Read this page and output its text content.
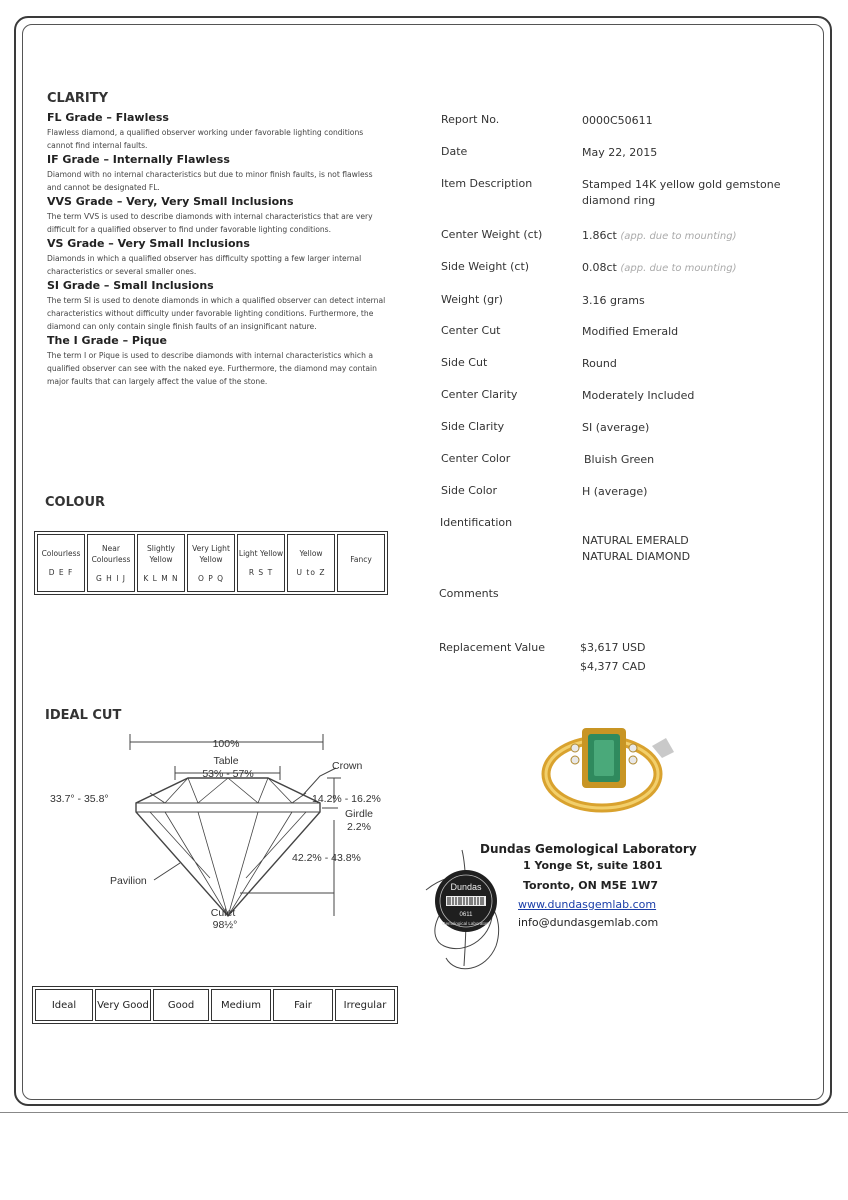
CLARITY
FL Grade – Flawless
Flawless diamond, a qualified observer working under favorable lighting conditions
cannot find internal faults.
IF Grade – Internally Flawless
Diamond with no internal characteristics but due to minor finish faults, is not flawless
and cannot be designated FL.
VVS Grade – Very, Very Small Inclusions
The term VVS is used to describe diamonds with internal characteristics that are very
difficult for a qualified observer to find under favorable lighting conditions.
VS Grade – Very Small Inclusions
Diamonds in which a qualified observer has difficulty spotting a few larger internal
characteristics or several smaller ones.
SI Grade – Small Inclusions
The term SI is used to denote diamonds in which a qualified observer can detect internal
characteristics without difficulty under favorable lighting conditions. Furthermore, the
diamond can only contain single finish faults of an insignificant nature.
The I Grade – Pique
The term I or Pique is used to describe diamonds with internal characteristics which a
qualified observer can see with the naked eye. Furthermore, the diamond may contain
major faults that can largely affect the value of the stone.
COLOUR
Colourless
D E F

Near Colourless
G H I J

Slightly Yellow
K L M N

Very Light Yellow
O P Q

Light Yellow
R S T

Yellow
U to Z

Fancy
IDEAL CUT
100%
Table
53% - 57%
Crown
33.7° - 35.8°	14.2% - 16.2%
Girdle
2.2%
42.2% - 43.8%
Pavilion
Culet
98½°
Ideal	Very Good	Good	Medium	Fair	Irregular
Report No.	0000C50611
Date	May 22, 2015
Item Description	Stamped 14K yellow gold gemstone diamond ring
Center Weight (ct)	1.86ct (app. due to mounting)
Side Weight (ct)	0.08ct (app. due to mounting)
Weight (gr)	3.16 grams
Center Cut	Modified Emerald
Side Cut	Round
Center Clarity	Moderately Included
Side Clarity	SI (average)
Center Color	Bluish Green
Side Color	H (average)
Identification
NATURAL EMERALD
NATURAL DIAMOND
Comments
Replacement Value	$3,617 USD
$4,377 CAD
Dundas Gemological Laboratory
1 Yonge St, suite 1801
Toronto, ON M5E 1W7
www.dundasgemlab.com
info@dundasgemlab.com
Dundas
0611
Gemological Laboratory
